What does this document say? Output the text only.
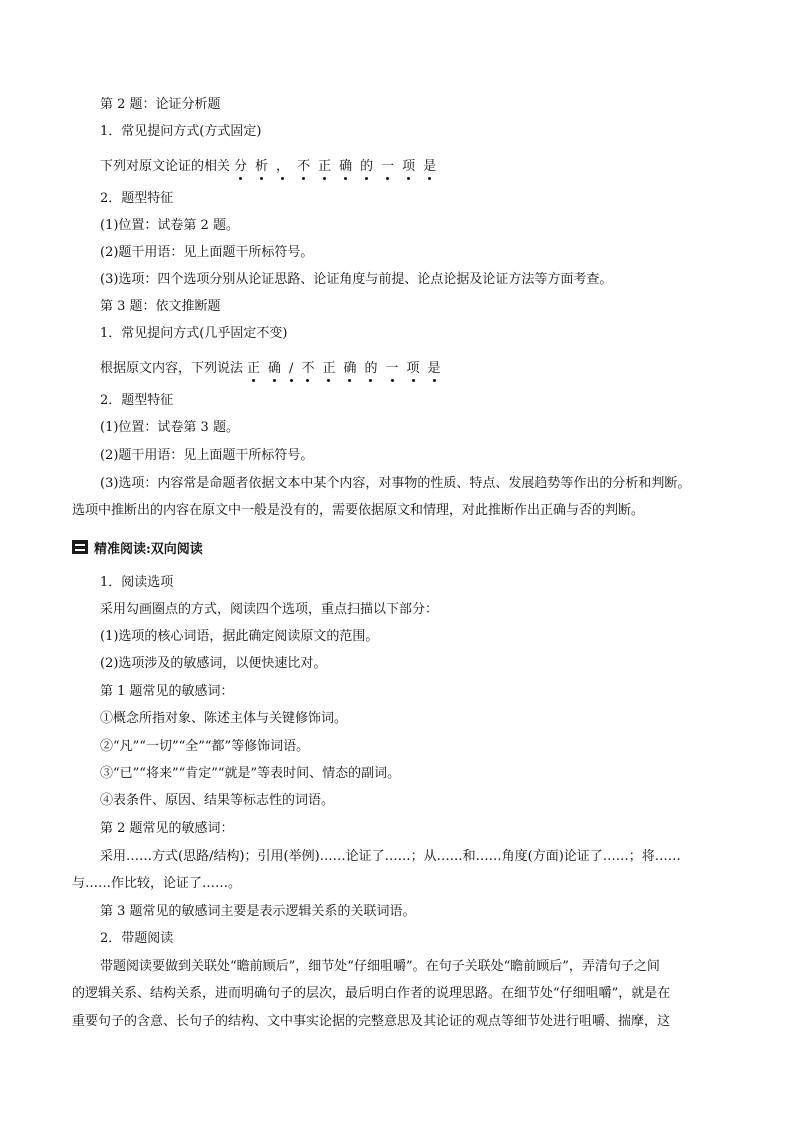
第 2 题：论证分析题
1．常见提问方式(方式固定)
下列对原文论证的相关 分 析 ， 不 正 确 的 一 项 是
2．题型特征
(1)位置：试卷第 2 题。
(2)题干用语：见上面题干所标符号。
(3)选项：四个选项分别从论证思路、论证角度与前提、论点论据及论证方法等方面考查。
第 3 题：依文推断题
1．常见提问方式(几乎固定不变)
根据原文内容，下列说法 正 确 / 不 正 确 的 一 项 是
2．题型特征
(1)位置：试卷第 3 题。
(2)题干用语：见上面题干所标符号。
(3)选项：内容常是命题者依据文本中某个内容，对事物的性质、特点、发展趋势等作出的分析和判断。
选项中推断出的内容在原文中一般是没有的，需要依据原文和情理，对此推断作出正确与否的判断。
精准阅读:双向阅读
1．阅读选项
采用勾画圈点的方式，阅读四个选项，重点扫描以下部分：
(1)选项的核心词语，据此确定阅读原文的范围。
(2)选项涉及的敏感词，以便快速比对。
第 1 题常见的敏感词：
①概念所指对象、陈述主体与关键修饰词。
②“凡”“一切”“全”“都”等修饰词语。
③“已”“将来”“肯定”“就是”等表时间、情态的副词。
④表条件、原因、结果等标志性的词语。
第 2 题常见的敏感词：
采用……方式(思路/结构)；引用(举例)……论证了……；从……和……角度(方面)论证了……；将……
与……作比较，论证了……。
第 3 题常见的敏感词主要是表示逻辑关系的关联词语。
2．带题阅读
带题阅读要做到关联处“瞻前顾后”，细节处“仔细咀嚼”。在句子关联处“瞻前顾后”，弄清句子之间
的逻辑关系、结构关系，进而明确句子的层次，最后明白作者的说理思路。在细节处“仔细咀嚼”，就是在
重要句子的含意、长句子的结构、文中事实论据的完整意思及其论证的观点等细节处进行咀嚼、揣摩，这
